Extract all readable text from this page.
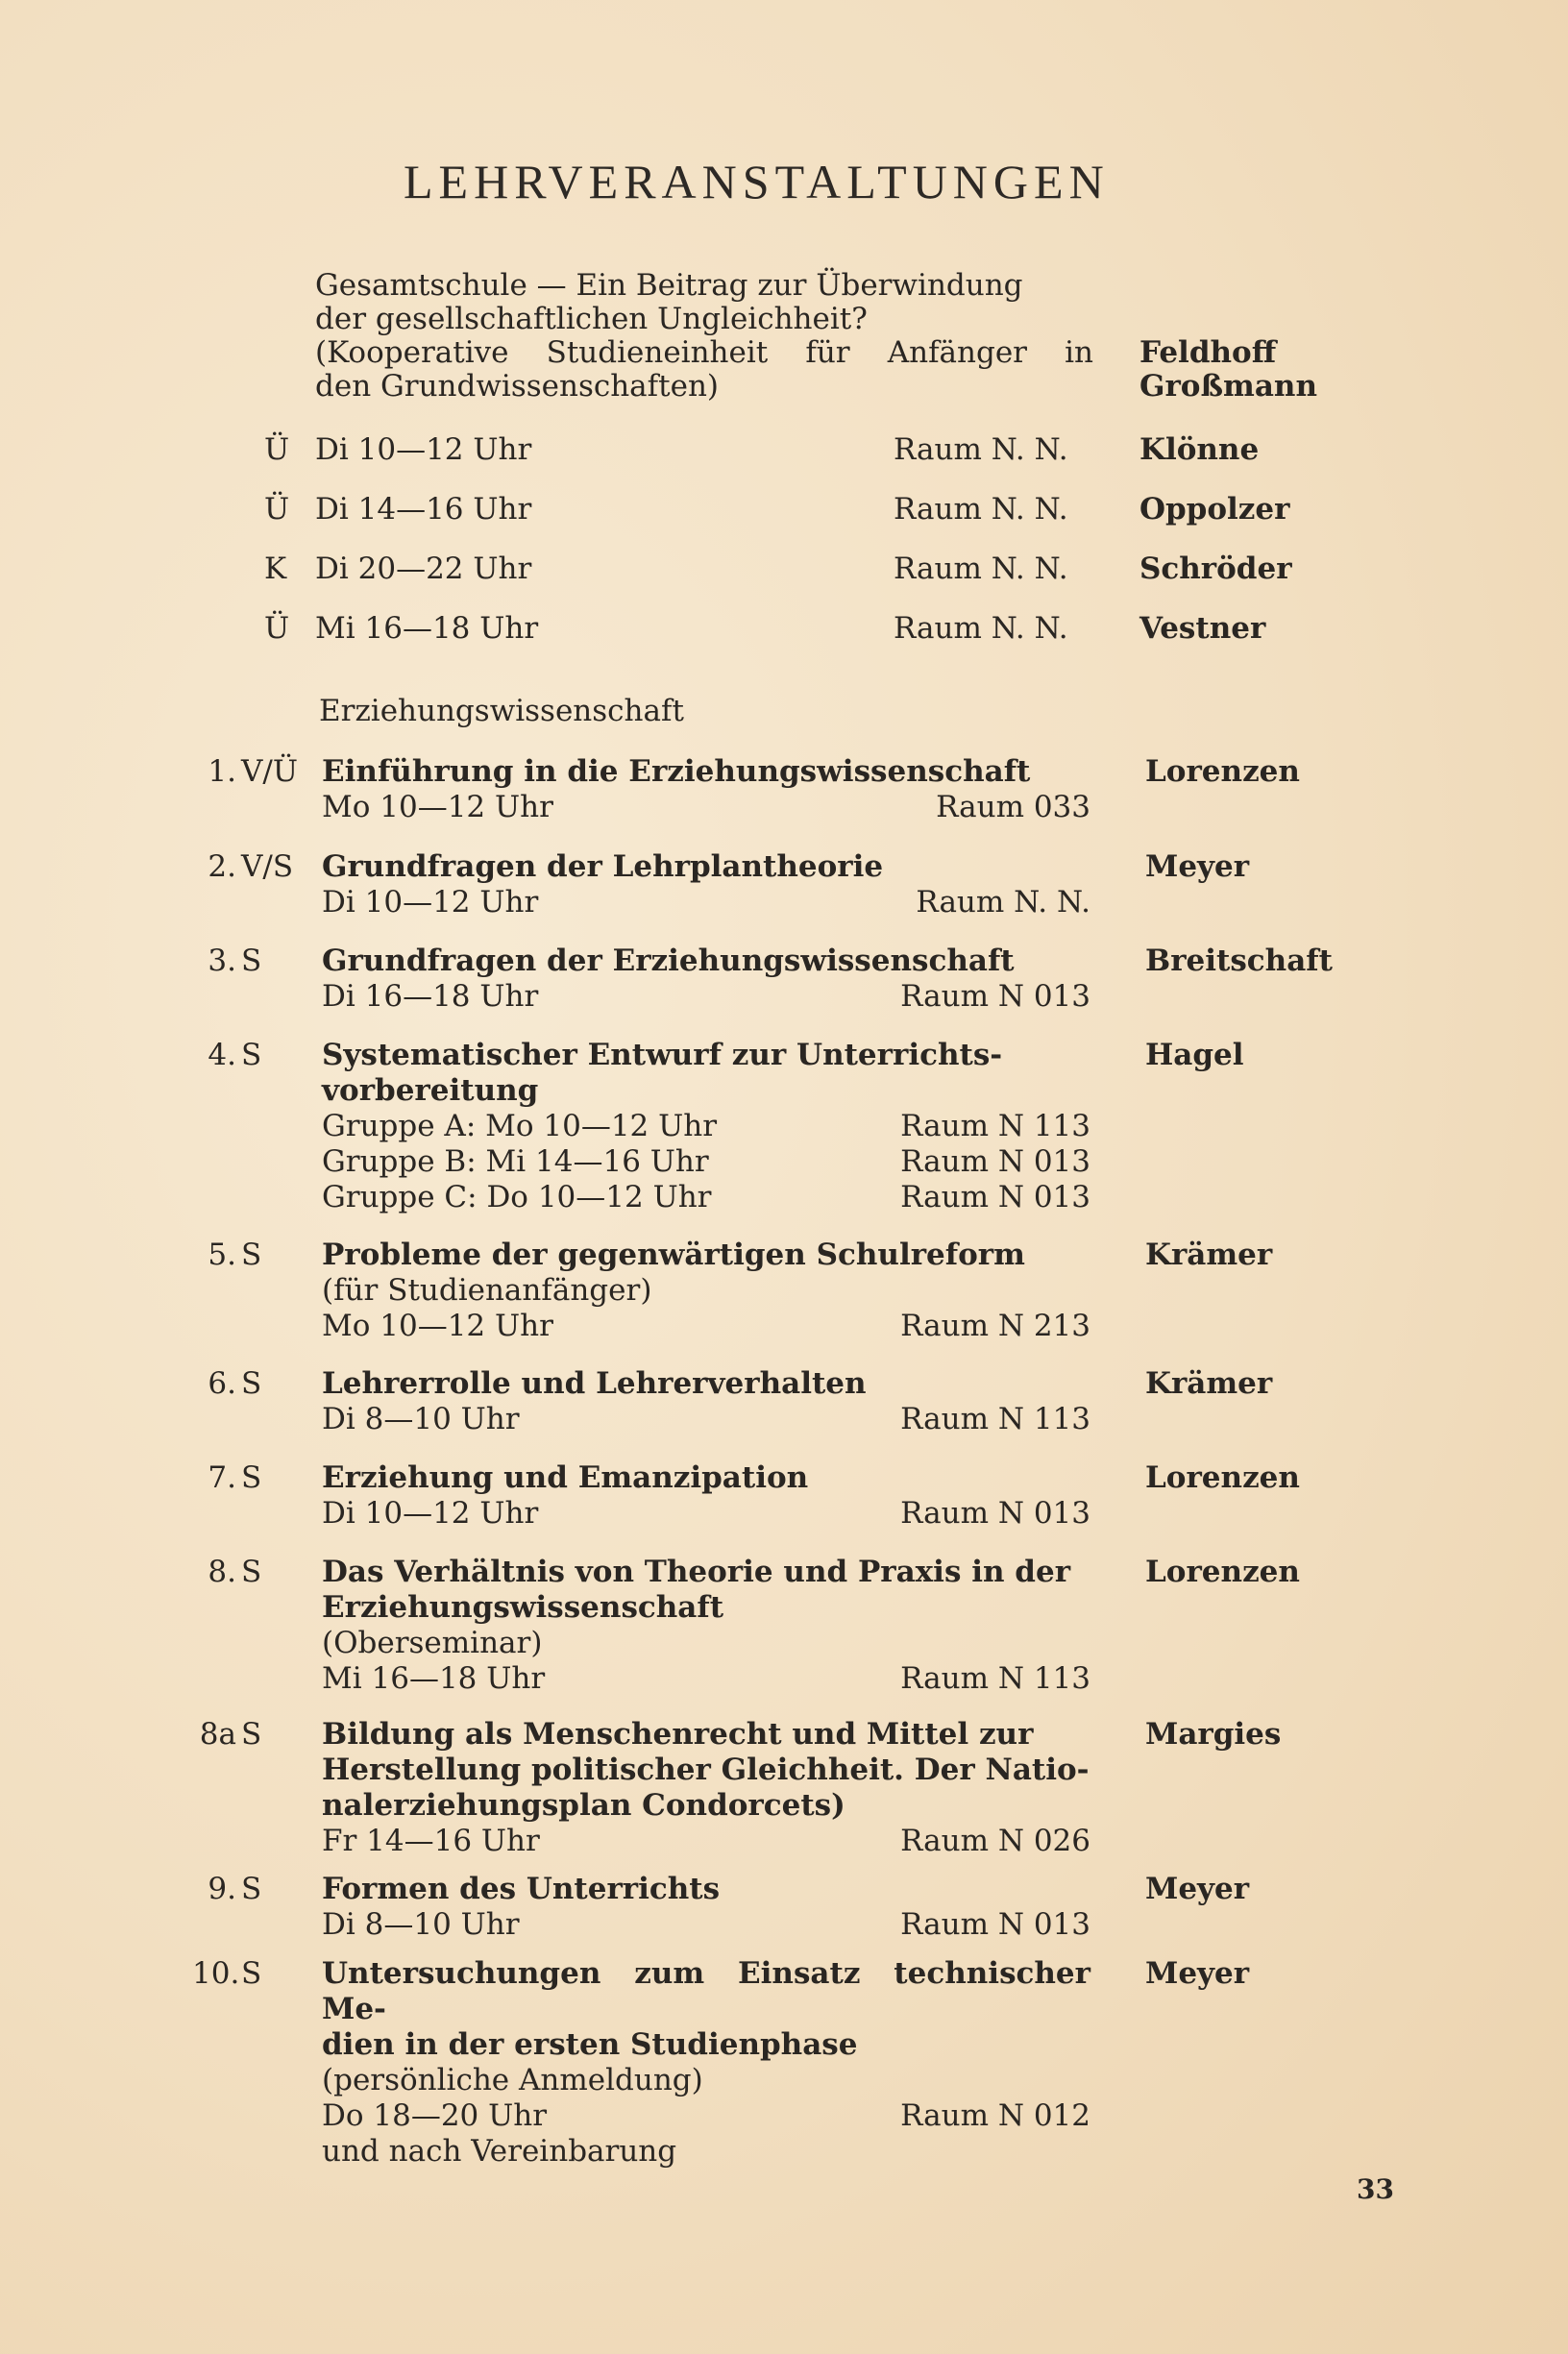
LEHRVERANSTALTUNGEN
Gesamtschule — Ein Beitrag zur Überwindung
der gesellschaftlichen Ungleichheit?
(Kooperative Studieneinheit für Anfänger in
den Grundwissenschaften)
Feldhoff
Großmann
Ü Di 10—12 Uhr	Raum N. N. Klönne
Ü Di 14—16 Uhr	Raum N. N. Oppolzer
K Di 20—22 Uhr	Raum N. N. Schröder
Ü Mi 16—18 Uhr	Raum N. N. Vestner
Erziehungswissenschaft
1. V/Ü Einführung in die Erziehungswissenschaft
Mo 10—12 Uhr	Raum 033
Lorenzen
2. V/S Grundfragen der Lehrplantheorie
Di 10—12 Uhr	Raum N. N.
Meyer
3. S Grundfragen der Erziehungswissenschaft
Di 16—18 Uhr	Raum N 013
Breitschaft
4. S Systematischer Entwurf zur Unterrichts-
vorbereitung
Gruppe A: Mo 10—12 Uhr	Raum N 113
Gruppe B: Mi 14—16 Uhr	Raum N 013
Gruppe C: Do 10—12 Uhr	Raum N 013
Hagel
5. S Probleme der gegenwärtigen Schulreform
(für Studienanfänger)
Mo 10—12 Uhr	Raum N 213
Krämer
6. S Lehrerrolle und Lehrerverhalten
Di 8—10 Uhr	Raum N 113
Krämer
7. S Erziehung und Emanzipation
Di 10—12 Uhr	Raum N 013
Lorenzen
8. S Das Verhältnis von Theorie und Praxis in der
Erziehungswissenschaft
(Oberseminar)
Mi 16—18 Uhr	Raum N 113
Lorenzen
8a S Bildung als Menschenrecht und Mittel zur
Herstellung politischer Gleichheit. Der Natio-
nalerziehungsplan Condorcets)
Fr 14—16 Uhr	Raum N 026
Margies
9. S Formen des Unterrichts
Di 8—10 Uhr	Raum N 013
Meyer
10. S Untersuchungen zum Einsatz technischer Me-
dien in der ersten Studienphase
(persönliche Anmeldung)
Do 18—20 Uhr	Raum N 012
und nach Vereinbarung
Meyer
33
